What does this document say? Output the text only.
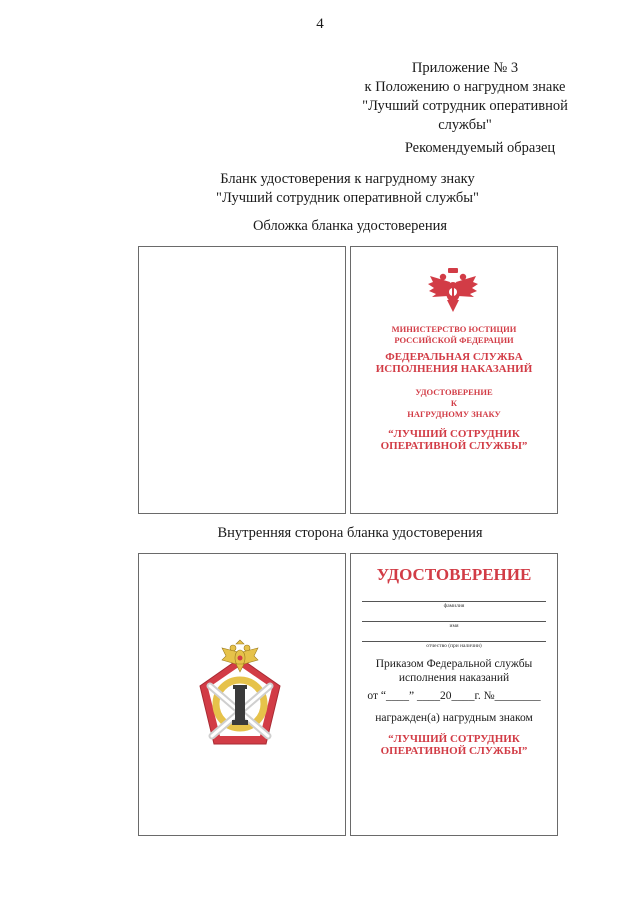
4
Приложение № 3
к Положению о нагрудном знаке
"Лучший сотрудник оперативной
службы"
Рекомендуемый образец
Бланк удостоверения к нагрудному знаку
"Лучший сотрудник оперативной службы"
Обложка бланка удостоверения
МИНИСТЕРСТВО ЮСТИЦИИ
РОССИЙСКОЙ ФЕДЕРАЦИИ
ФЕДЕРАЛЬНАЯ СЛУЖБА
ИСПОЛНЕНИЯ НАКАЗАНИЙ
УДОСТОВЕРЕНИЕ
К
НАГРУДНОМУ ЗНАКУ
“ЛУЧШИЙ СОТРУДНИК
ОПЕРАТИВНОЙ СЛУЖБЫ”
Внутренняя сторона бланка удостоверения
УДОСТОВЕРЕНИЕ
фамилия
имя
отчество (при наличии)
Приказом Федеральной службы
исполнения наказаний
от “____” ____20____г. №________
награжден(а) нагрудным знаком
“ЛУЧШИЙ СОТРУДНИК
ОПЕРАТИВНОЙ СЛУЖБЫ”
